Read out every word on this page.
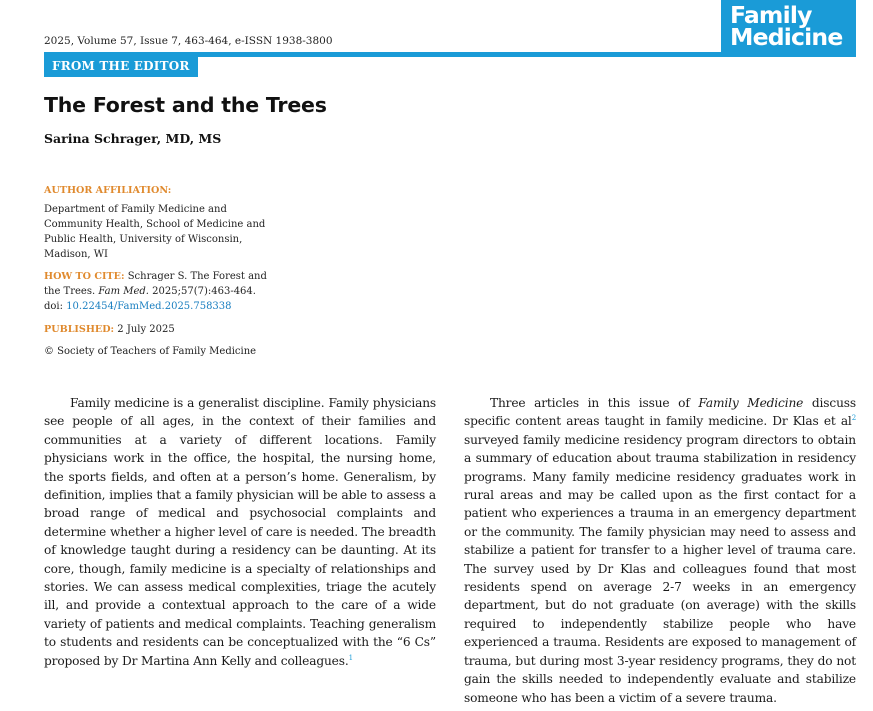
2025, Volume 57, Issue 7, 463-464, e-ISSN 1938-3800
Family
Medicine
FROM THE EDITOR
The Forest and the Trees
Sarina Schrager, MD, MS
AUTHOR AFFILIATION:
Department of Family Medicine and Community Health, School of Medicine and Public Health, University of Wisconsin, Madison, WI
HOW TO CITE: Schrager S. The Forest and the Trees. Fam Med. 2025;57(7):463-464. doi: 10.22454/FamMed.2025.758338
PUBLISHED: 2 July 2025
© Society of Teachers of Family Medicine

Family medicine is a generalist discipline. Family physicians see people of all ages, in the context of their families and communities at a variety of different locations. Family physicians work in the office, the hospital, the nursing home, the sports fields, and often at a person’s home. Generalism, by definition, implies that a family physician will be able to assess a broad range of medical and psychosocial complaints and determine whether a higher level of care is needed. The breadth of knowledge taught during a residency can be daunting. At its core, though, family medicine is a specialty of relationships and stories. We can assess medical complexities, triage the acutely ill, and provide a contextual approach to the care of a wide variety of patients and medical complaints. Teaching generalism to students and residents can be conceptualized with the “6 Cs” proposed by Dr Martina Ann Kelly and colleagues.$^1$

Three articles in this issue of Family Medicine discuss specific content areas taught in family medicine. Dr Klas et $al^2$ surveyed family medicine residency program directors to obtain a summary of education about trauma stabilization in residency programs. Many family medicine residency graduates work in rural areas and may be called upon as the first contact for a patient who experiences a trauma in an emergency department or the community. The family physician may need to assess and stabilize a patient for transfer to a higher level of trauma care. The survey used by Dr Klas and colleagues found that most residents spend on average 2-7 weeks in an emergency department, but do not graduate (on average) with the skills required to independently stabilize people who have experienced a trauma. Residents are exposed to management of trauma, but during most 3-year residency programs, they do not gain the skills needed to independently evaluate and stabilize someone who has been a victim of a severe trauma.
